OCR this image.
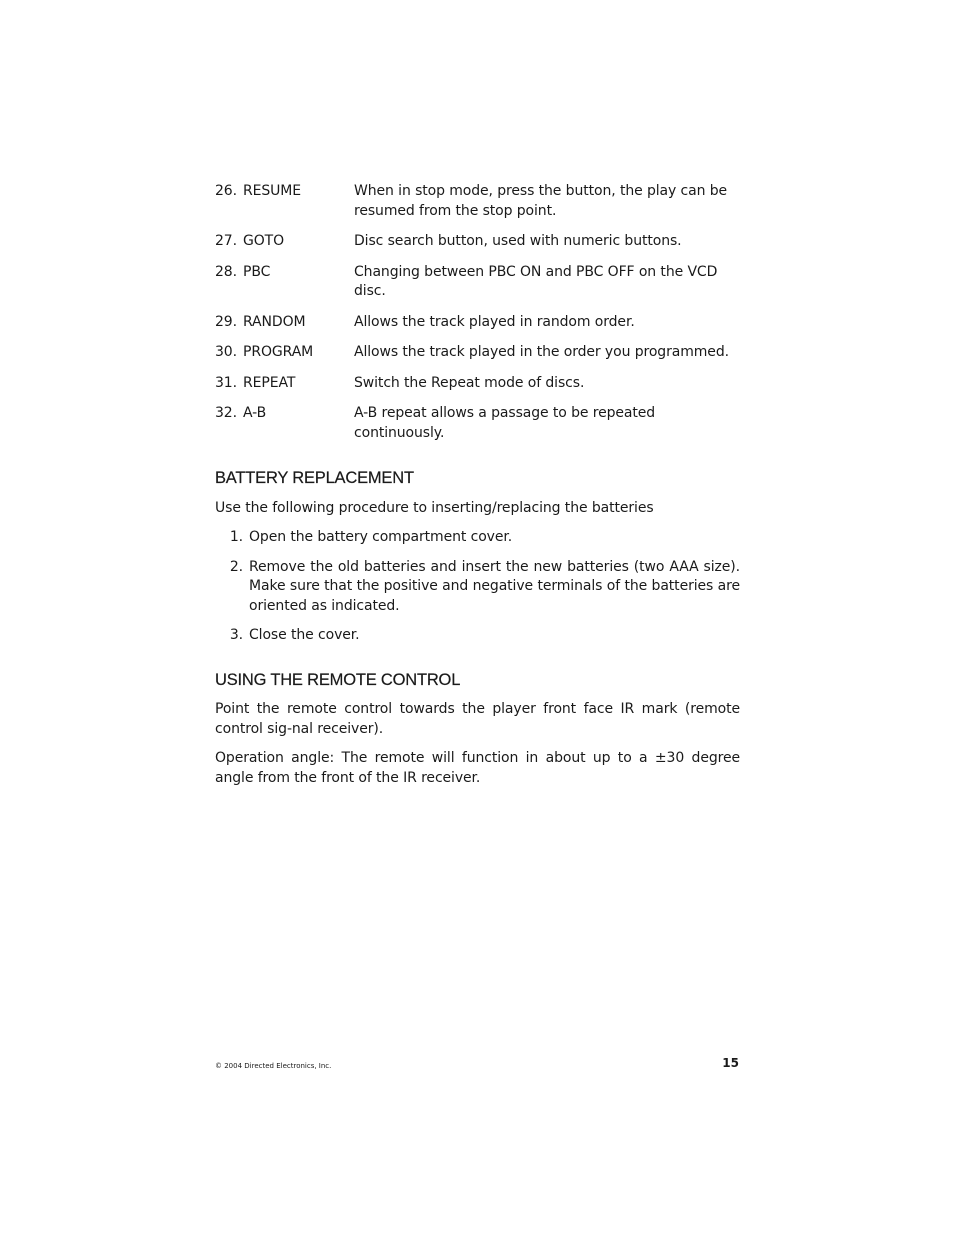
26. RESUME	When in stop mode, press the button, the play can be resumed from the stop point.
27. GOTO	Disc search button, used with numeric buttons.
28. PBC	Changing between PBC ON and PBC OFF on the VCD disc.
29. RANDOM	Allows the track played in random order.
30. PROGRAM	Allows the track played in the order you programmed.
31. REPEAT	Switch the Repeat mode of discs.
32. A-B	A-B repeat allows a passage to be repeated continuously.
BATTERY REPLACEMENT

Use the following procedure to inserting/replacing the batteries

1. Open the battery compartment cover.
2. Remove the old batteries and insert the new batteries (two AAA size). Make sure that the positive and negative terminals of the batteries are oriented as indicated.
3. Close the cover.
USING THE REMOTE CONTROL

Point the remote control towards the player front face IR mark (remote control sig-nal receiver).

Operation angle: The remote will function in about up to a ±30 degree angle from the front of the IR receiver.

© 2004 Directed Electronics, Inc.	15
